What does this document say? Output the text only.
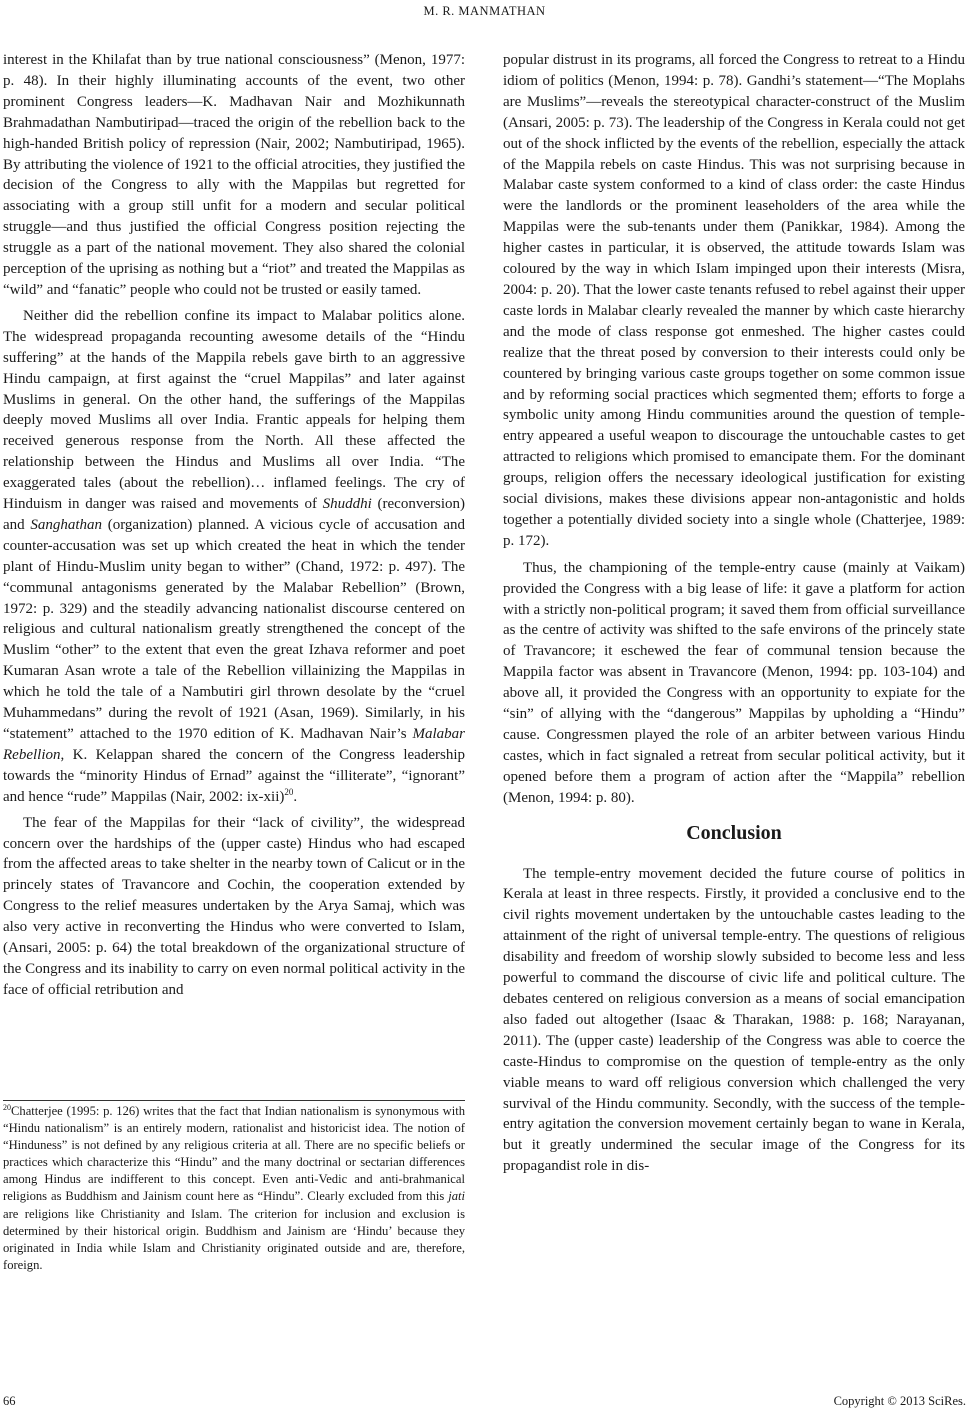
M. R. MANMATHAN

interest in the Khilafat than by true national consciousness” (Menon, 1977: p. 48). In their highly illuminating accounts of the event, two other prominent Congress leaders—K. Madhavan Nair and Mozhikunnath Brahmadathan Nambutiripad—traced the origin of the rebellion back to the high-handed British policy of repression (Nair, 2002; Nambutiripad, 1965). By attributing the violence of 1921 to the official atrocities, they justified the decision of the Congress to ally with the Mappilas but regretted for associating with a group still unfit for a modern and secular political struggle—and thus justified the official Congress position rejecting the struggle as a part of the national movement. They also shared the colonial perception of the uprising as nothing but a “riot” and treated the Mappilas as “wild” and “fanatic” people who could not be trusted or easily tamed.

Neither did the rebellion confine its impact to Malabar politics alone. The widespread propaganda recounting awesome details of the “Hindu suffering” at the hands of the Mappila rebels gave birth to an aggressive Hindu campaign, at first against the “cruel Mappilas” and later against Muslims in general. On the other hand, the sufferings of the Mappilas deeply moved Muslims all over India. Frantic appeals for helping them received generous response from the North. All these affected the relationship between the Hindus and Muslims all over India. “The exaggerated tales (about the rebellion)… inflamed feelings. The cry of Hinduism in danger was raised and movements of Shuddhi (reconversion) and Sanghathan (organization) planned. A vicious cycle of accusation and counter-accusation was set up which created the heat in which the tender plant of Hindu-Muslim unity began to wither” (Chand, 1972: p. 497). The “communal antagonisms generated by the Malabar Rebellion” (Brown, 1972: p. 329) and the steadily advancing nationalist discourse centered on religious and cultural nationalism greatly strengthened the concept of the Muslim “other” to the extent that even the great Izhava reformer and poet Kumaran Asan wrote a tale of the Rebellion villainizing the Mappilas in which he told the tale of a Nambutiri girl thrown desolate by the “cruel Muhammedans” during the revolt of 1921 (Asan, 1969). Similarly, in his “statement” attached to the 1970 edition of K. Madhavan Nair’s Malabar Rebellion, K. Kelappan shared the concern of the Congress leadership towards the “minority Hindus of Ernad” against the “illiterate”, “ignorant” and hence “rude” Mappilas (Nair, 2002: ix-xii)$^{20}$.

The fear of the Mappilas for their “lack of civility”, the widespread concern over the hardships of the (upper caste) Hindus who had escaped from the affected areas to take shelter in the nearby town of Calicut or in the princely states of Travancore and Cochin, the cooperation extended by Congress to the relief measures undertaken by the Arya Samaj, which was also very active in reconverting the Hindus who were converted to Islam, (Ansari, 2005: p. 64) the total breakdown of the organizational structure of the Congress and its inability to carry on even normal political activity in the face of official retribution and

$^{20}$Chatterjee (1995: p. 126) writes that the fact that Indian nationalism is synonymous with “Hindu nationalism” is an entirely modern, rationalist and historicist idea. The notion of “Hinduness” is not defined by any religious criteria at all. There are no specific beliefs or practices which characterize this “Hindu” and the many doctrinal or sectarian differences among Hindus are indifferent to this concept. Even anti-Vedic and anti-brahmanical religions as Buddhism and Jainism count here as “Hindu”. Clearly excluded from this jati are religions like Christianity and Islam. The criterion for inclusion and exclusion is determined by their historical origin. Buddhism and Jainism are ‘Hindu’ because they originated in India while Islam and Christianity originated outside and are, therefore, foreign.

popular distrust in its programs, all forced the Congress to retreat to a Hindu idiom of politics (Menon, 1994: p. 78). Gandhi’s statement—“The Moplahs are Muslims”—reveals the stereotypical character-construct of the Muslim (Ansari, 2005: p. 73). The leadership of the Congress in Kerala could not get out of the shock inflicted by the events of the rebellion, especially the attack of the Mappila rebels on caste Hindus. This was not surprising because in Malabar caste system conformed to a kind of class order: the caste Hindus were the landlords or the prominent leaseholders of the area while the Mappilas were the sub-tenants under them (Panikkar, 1984). Among the higher castes in particular, it is observed, the attitude towards Islam was coloured by the way in which Islam impinged upon their interests (Misra, 2004: p. 20). That the lower caste tenants refused to rebel against their upper caste lords in Malabar clearly revealed the manner by which caste hierarchy and the mode of class response got enmeshed. The higher castes could realize that the threat posed by conversion to their interests could only be countered by bringing various caste groups together on some common issue and by reforming social practices which segmented them; efforts to forge a symbolic unity among Hindu communities around the question of temple-entry appeared a useful weapon to discourage the untouchable castes to get attracted to religions which promised to emancipate them. For the dominant groups, religion offers the necessary ideological justification for existing social divisions, makes these divisions appear non-antagonistic and holds together a potentially divided society into a single whole (Chatterjee, 1989: p. 172).

Thus, the championing of the temple-entry cause (mainly at Vaikam) provided the Congress with a big lease of life: it gave a platform for action with a strictly non-political program; it saved them from official surveillance as the centre of activity was shifted to the safe environs of the princely state of Travancore; it eschewed the fear of communal tension because the Mappila factor was absent in Travancore (Menon, 1994: pp. 103-104) and above all, it provided the Congress with an opportunity to expiate for the “sin” of allying with the “dangerous” Mappilas by upholding a “Hindu” cause. Congressmen played the role of an arbiter between various Hindu castes, which in fact signaled a retreat from secular political activity, but it opened before them a program of action after the “Mappila” rebellion (Menon, 1994: p. 80).

Conclusion

The temple-entry movement decided the future course of politics in Kerala at least in three respects. Firstly, it provided a conclusive end to the civil rights movement undertaken by the untouchable castes leading to the attainment of the right of universal temple-entry. The questions of religious disability and freedom of worship slowly subsided to become less and less powerful to command the discourse of civic life and political culture. The debates centered on religious conversion as a means of social emancipation also faded out altogether (Isaac & Tharakan, 1988: p. 168; Narayanan, 2011). The (upper caste) leadership of the Congress was able to coerce the caste-Hindus to compromise on the question of temple-entry as the only viable means to ward off religious conversion which challenged the very survival of the Hindu community. Secondly, with the success of the temple-entry agitation the conversion movement certainly began to wane in Kerala, but it greatly undermined the secular image of the Congress for its propagandist role in dis-

66	Copyright © 2013 SciRes.
